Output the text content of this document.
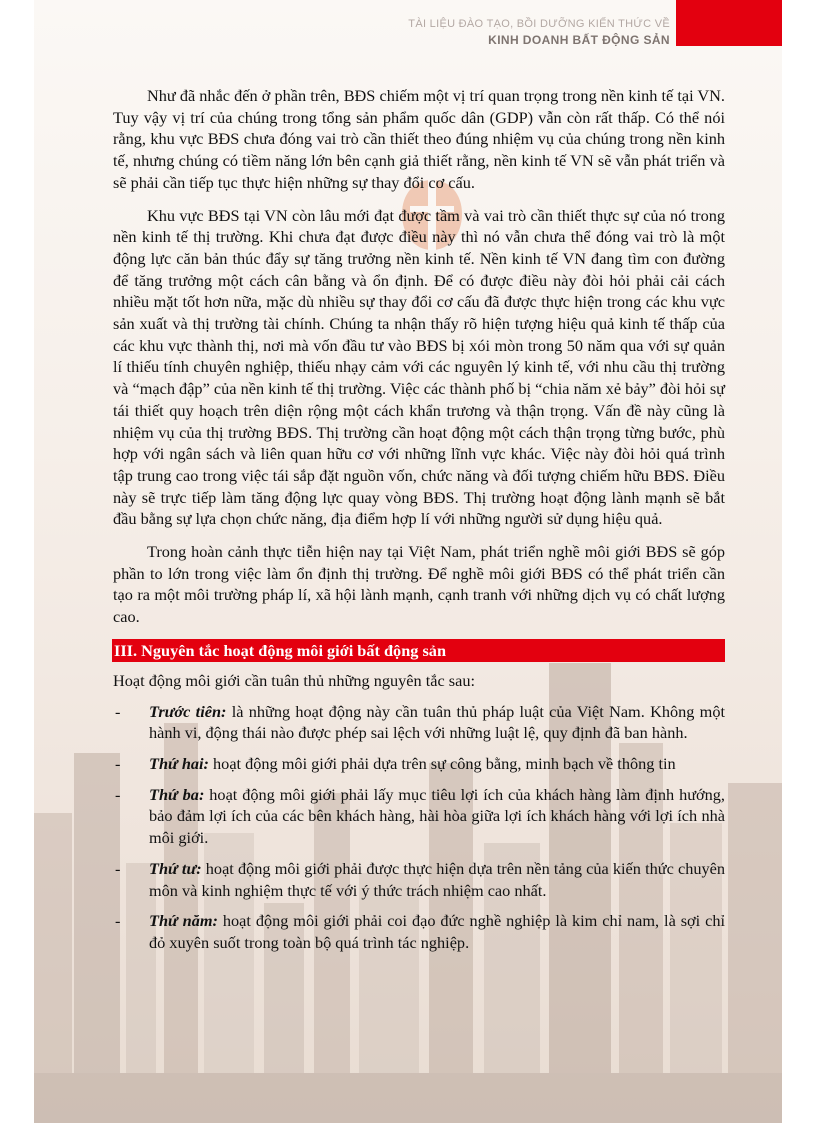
TÀI LIỆU ĐÀO TẠO, BỒI DƯỠNG KIẾN THỨC VỀ
KINH DOANH BẤT ĐỘNG SẢN

Như đã nhắc đến ở phần trên, BĐS chiếm một vị trí quan trọng trong nền kinh tế tại VN. Tuy vậy vị trí của chúng trong tổng sản phẩm quốc dân (GDP) vẫn còn rất thấp. Có thể nói rằng, khu vực BĐS chưa đóng vai trò cần thiết theo đúng nhiệm vụ của chúng trong nền kinh tế, nhưng chúng có tiềm năng lớn bên cạnh giả thiết rằng, nền kinh tế VN sẽ vẫn phát triển và sẽ phải cần tiếp tục thực hiện những sự thay đổi cơ cấu.

Khu vực BĐS tại VN còn lâu mới đạt được tầm và vai trò cần thiết thực sự của nó trong nền kinh tế thị trường. Khi chưa đạt được điều này thì nó vẫn chưa thể đóng vai trò là một động lực căn bản thúc đẩy sự tăng trưởng nền kinh tế. Nền kinh tế VN đang tìm con đường để tăng trưởng một cách cân bằng và ổn định. Để có được điều này đòi hỏi phải cải cách nhiều mặt tốt hơn nữa, mặc dù nhiều sự thay đổi cơ cấu đã được thực hiện trong các khu vực sản xuất và thị trường tài chính. Chúng ta nhận thấy rõ hiện tượng hiệu quả kinh tế thấp của các khu vực thành thị, nơi mà vốn đầu tư vào BĐS bị xói mòn trong 50 năm qua với sự quản lí thiếu tính chuyên nghiệp, thiếu nhạy cảm với các nguyên lý kinh tế, với nhu cầu thị trường và “mạch đập” của nền kinh tế thị trường. Việc các thành phố bị “chia năm xẻ bảy” đòi hỏi sự tái thiết quy hoạch trên diện rộng một cách khẩn trương và thận trọng. Vấn đề này cũng là nhiệm vụ của thị trường BĐS. Thị trường cần hoạt động một cách thận trọng từng bước, phù hợp với ngân sách và liên quan hữu cơ với những lĩnh vực khác. Việc này đòi hỏi quá trình tập trung cao trong việc tái sắp đặt nguồn vốn, chức năng và đối tượng chiếm hữu BĐS. Điều này sẽ trực tiếp làm tăng động lực quay vòng BĐS. Thị trường hoạt động lành mạnh sẽ bắt đầu bằng sự lựa chọn chức năng, địa điểm hợp lí với những người sử dụng hiệu quả.

Trong hoàn cảnh thực tiễn hiện nay tại Việt Nam, phát triển nghề môi giới BĐS sẽ góp phần to lớn trong việc làm ổn định thị trường. Để nghề môi giới BĐS có thể phát triển cần tạo ra một môi trường pháp lí, xã hội lành mạnh, cạnh tranh với những dịch vụ có chất lượng cao.

III. Nguyên tắc hoạt động môi giới bất động sản

Hoạt động môi giới cần tuân thủ những nguyên tắc sau:

- Trước tiên: là những hoạt động này cần tuân thủ pháp luật của Việt Nam. Không một hành vi, động thái nào được phép sai lệch với những luật lệ, quy định đã ban hành.
- Thứ hai: hoạt động môi giới phải dựa trên sự công bằng, minh bạch về thông tin
- Thứ ba: hoạt động môi giới phải lấy mục tiêu lợi ích của khách hàng làm định hướng, bảo đảm lợi ích của các bên khách hàng, hài hòa giữa lợi ích khách hàng với lợi ích nhà môi giới.
- Thứ tư: hoạt động môi giới phải được thực hiện dựa trên nền tảng của kiến thức chuyên môn và kinh nghiệm thực tế với ý thức trách nhiệm cao nhất.
- Thứ năm: hoạt động môi giới phải coi đạo đức nghề nghiệp là kim chỉ nam, là sợi chỉ đỏ xuyên suốt trong toàn bộ quá trình tác nghiệp.
